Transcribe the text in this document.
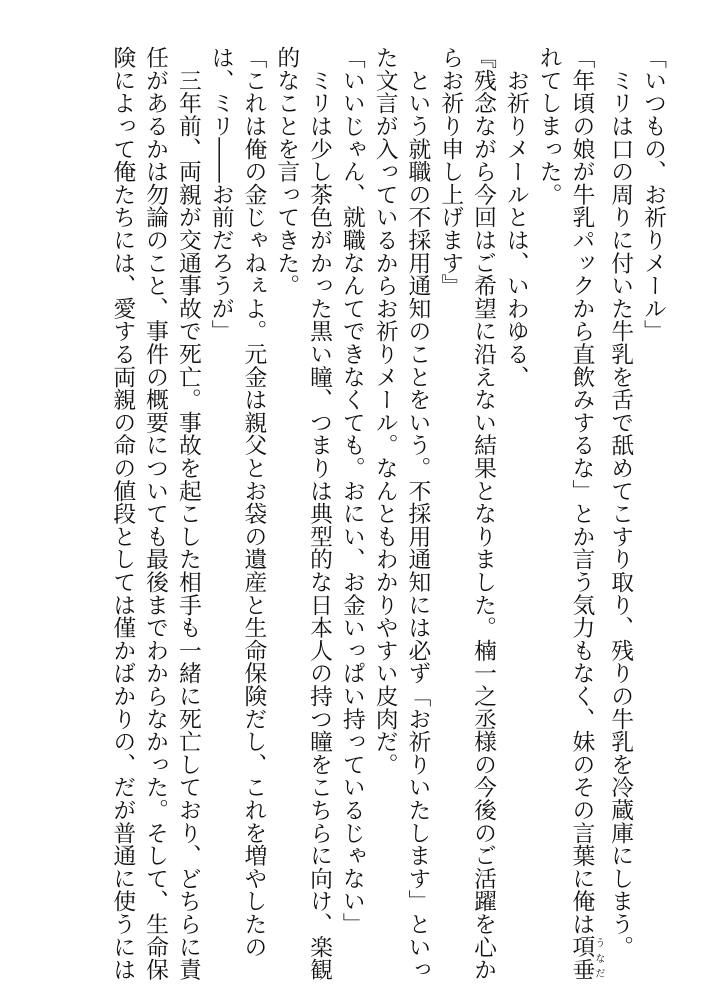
「いつもの、お祈りメール」
　ミリは口の周りに付いた牛乳を舌で舐めてこすり取り、残りの牛乳を冷蔵庫にしまう。
「年頃の娘が牛乳パックから直飲みするな」とか言う気力もなく、妹のその言葉に俺は項垂うなだ
れてしまった。
　お祈りメールとは、いわゆる、
『残念ながら今回はご希望に沿えない結果となりました。楠一之丞様の今後のご活躍を心か
らお祈り申し上げます』
　という就職の不採用通知のことをいう。不採用通知には必ず「お祈りいたします」といっ
た文言が入っているからお祈りメール。なんともわかりやすい皮肉だ。
「いいじゃん、就職なんてできなくても。おにい、お金いっぱい持っているじゃない」
　ミリは少し茶色がかった黒い瞳、つまりは典型的な日本人の持つ瞳をこちらに向け、楽観
的なことを言ってきた。
「これは俺の金じゃねぇよ。元金は親父とお袋の遺産と生命保険だし、これを増やしたの
は、ミリ――お前だろうが」
　三年前、両親が交通事故で死亡。事故を起こした相手も一緒に死亡しており、どちらに責
任があるかは勿論のこと、事件の概要についても最後までわからなかった。そして、生命保
険によって俺たちには、愛する両親の命の値段としては僅かばかりの、だが普通に使うには
